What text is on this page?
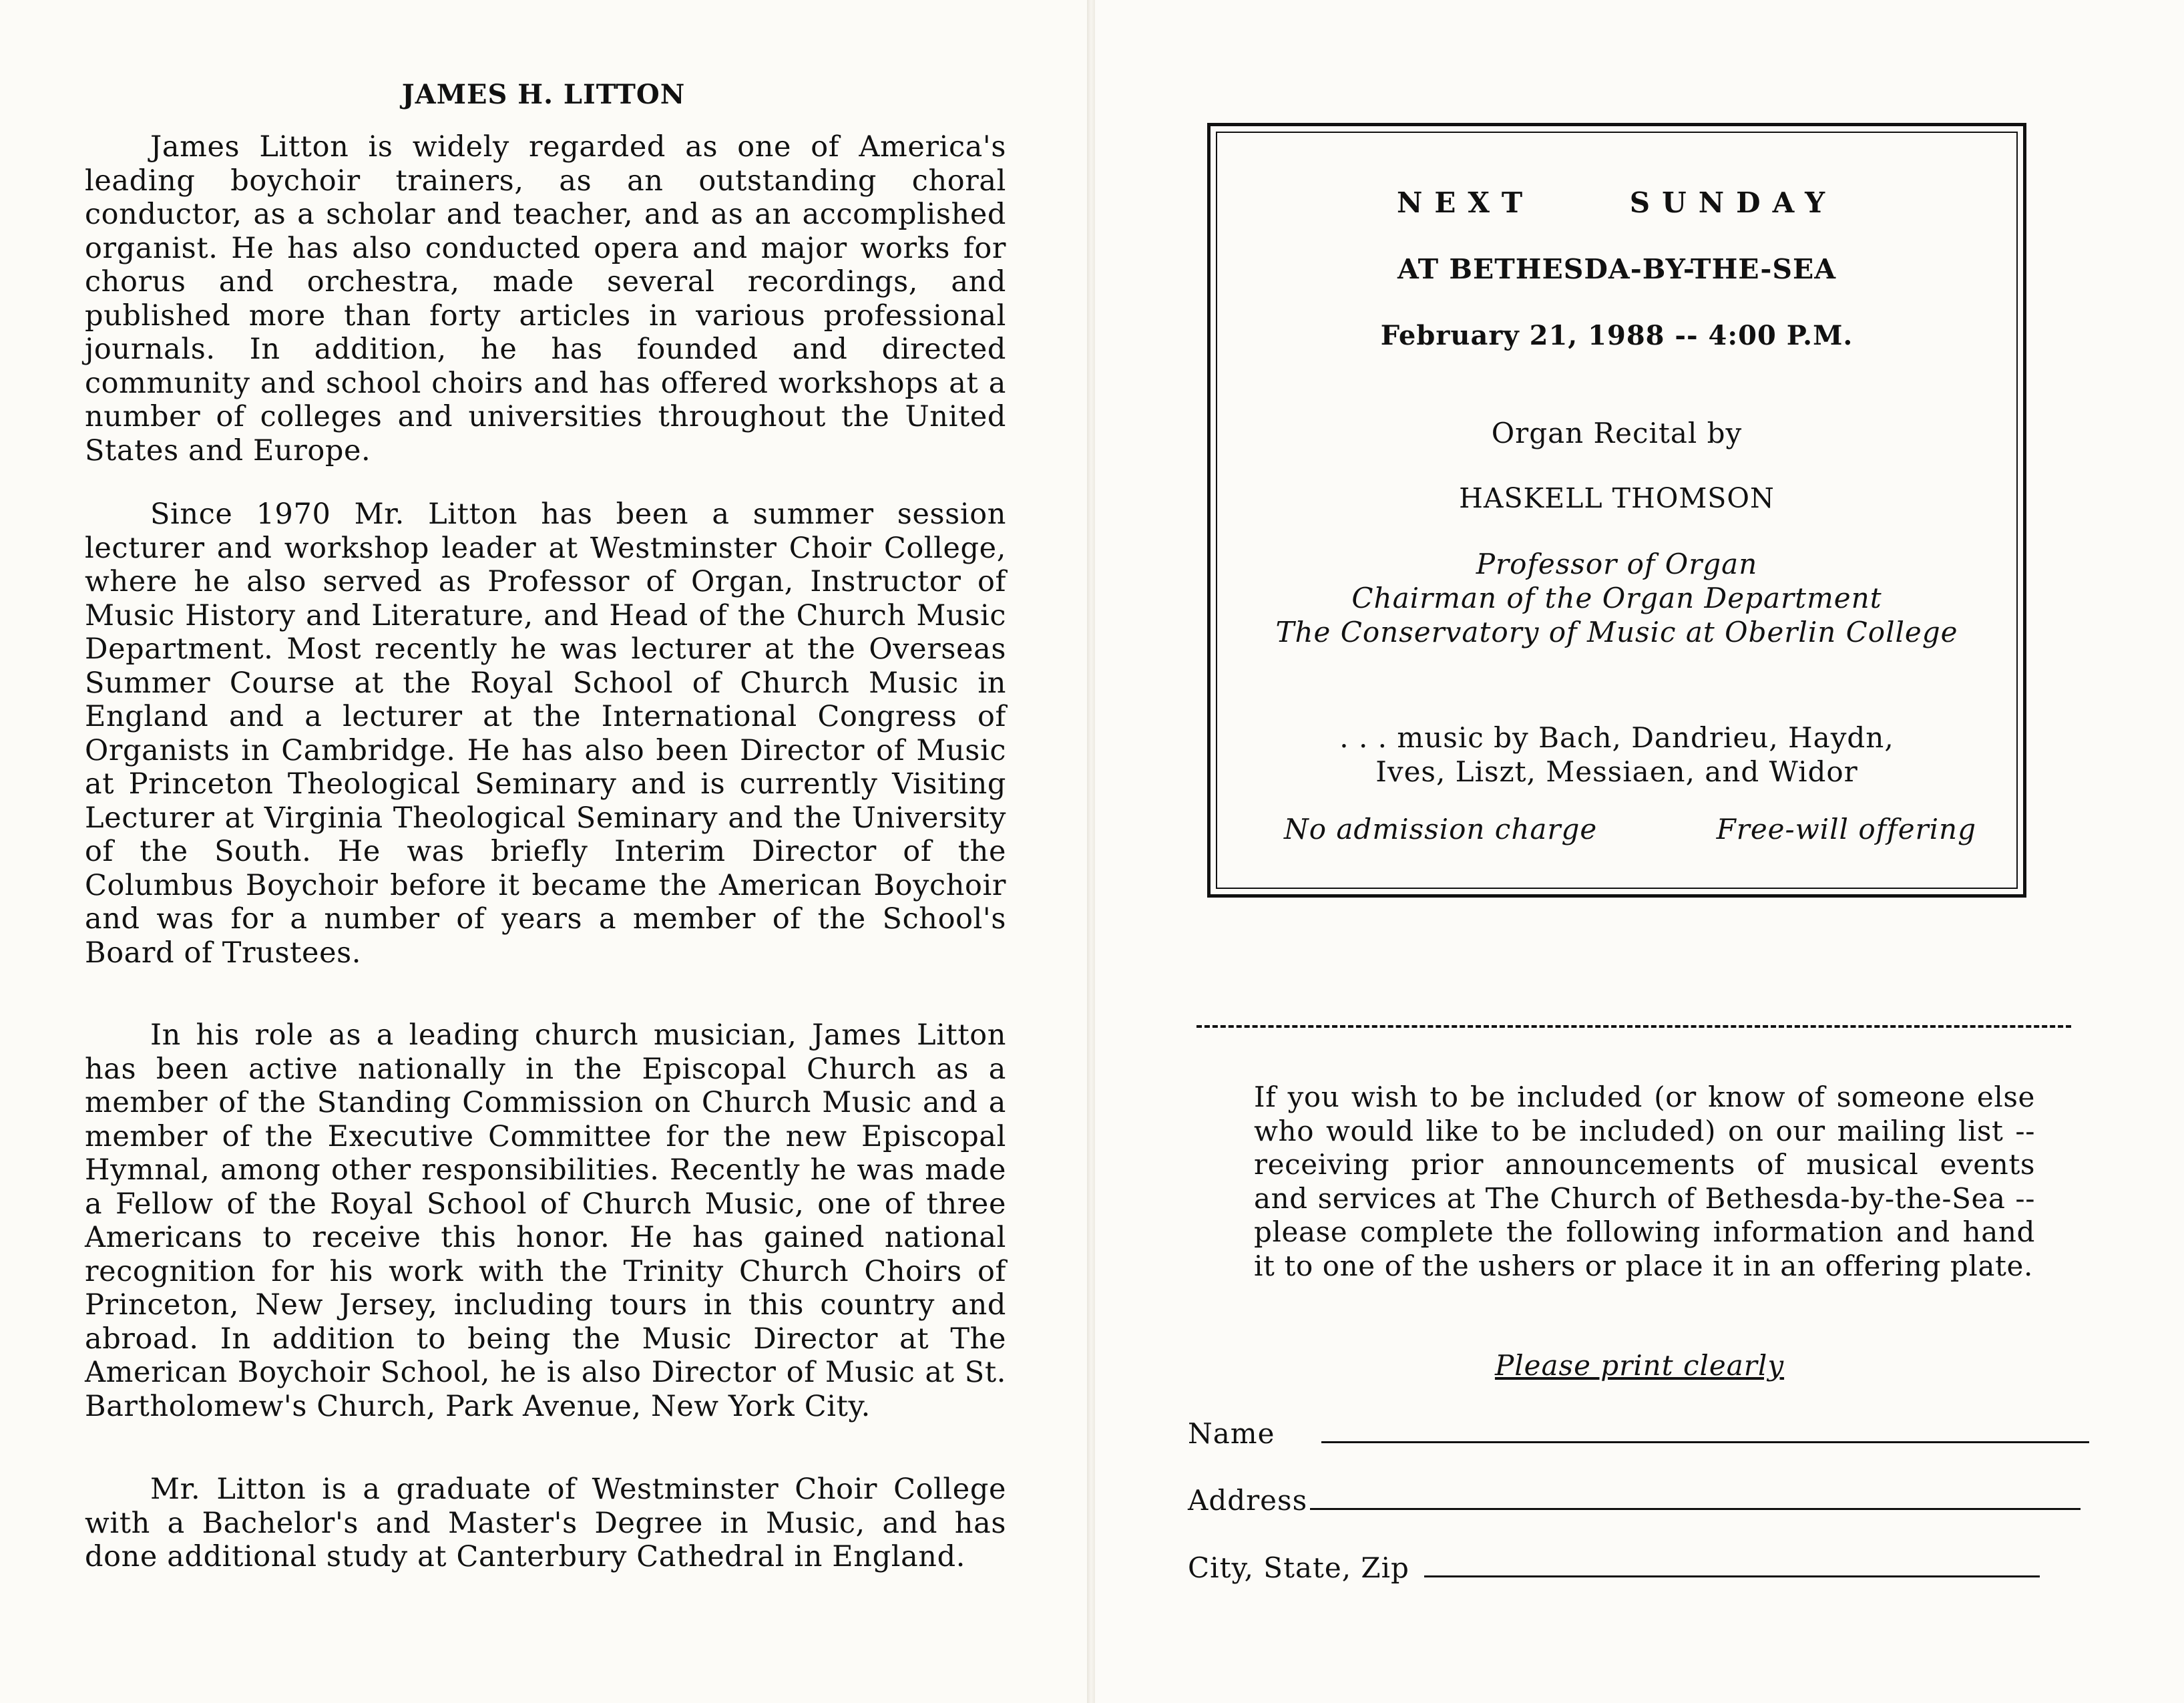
JAMES H. LITTON

James Litton is widely regarded as one of America's leading boychoir trainers, as an outstanding choral conductor, as a scholar and teacher, and as an accomplished organist. He has also conducted opera and major works for chorus and orchestra, made several recordings, and published more than forty articles in various professional journals. In addition, he has founded and directed community and school choirs and has offered workshops at a number of colleges and universities throughout the United States and Europe.

Since 1970 Mr. Litton has been a summer session lecturer and workshop leader at Westminster Choir College, where he also served as Professor of Organ, Instructor of Music History and Literature, and Head of the Church Music Department. Most recently he was lecturer at the Overseas Summer Course at the Royal School of Church Music in England and a lecturer at the International Congress of Organists in Cambridge. He has also been Director of Music at Princeton Theological Seminary and is currently Visiting Lecturer at Virginia Theological Seminary and the University of the South. He was briefly Interim Director of the Columbus Boychoir before it became the American Boychoir and was for a number of years a member of the School's Board of Trustees.

In his role as a leading church musician, James Litton has been active nationally in the Episcopal Church as a member of the Standing Commission on Church Music and a member of the Executive Committee for the new Episcopal Hymnal, among other responsibilities. Recently he was made a Fellow of the Royal School of Church Music, one of three Americans to receive this honor. He has gained national recognition for his work with the Trinity Church Choirs of Princeton, New Jersey, including tours in this country and abroad. In addition to being the Music Director at The American Boychoir School, he is also Director of Music at St. Bartholomew's Church, Park Avenue, New York City.

Mr. Litton is a graduate of Westminster Choir College with a Bachelor's and Master's Degree in Music, and has done additional study at Canterbury Cathedral in England.

NEXT SUNDAY

AT BETHESDA-BY-THE-SEA

February 21, 1988 -- 4:00 P.M.

Organ Recital by

HASKELL THOMSON

Professor of Organ
Chairman of the Organ Department
The Conservatory of Music at Oberlin College
. . . music by Bach, Dandrieu, Haydn,
Ives, Liszt, Messiaen, and Widor
No admission charge	Free-will offering

If you wish to be included (or know of someone else who would like to be included) on our mailing list -- receiving prior announcements of musical events and services at The Church of Bethesda-by-the-Sea -- please complete the following information and hand it to one of the ushers or place it in an offering plate.

Please print clearly
Name
Address
City, State, Zip
